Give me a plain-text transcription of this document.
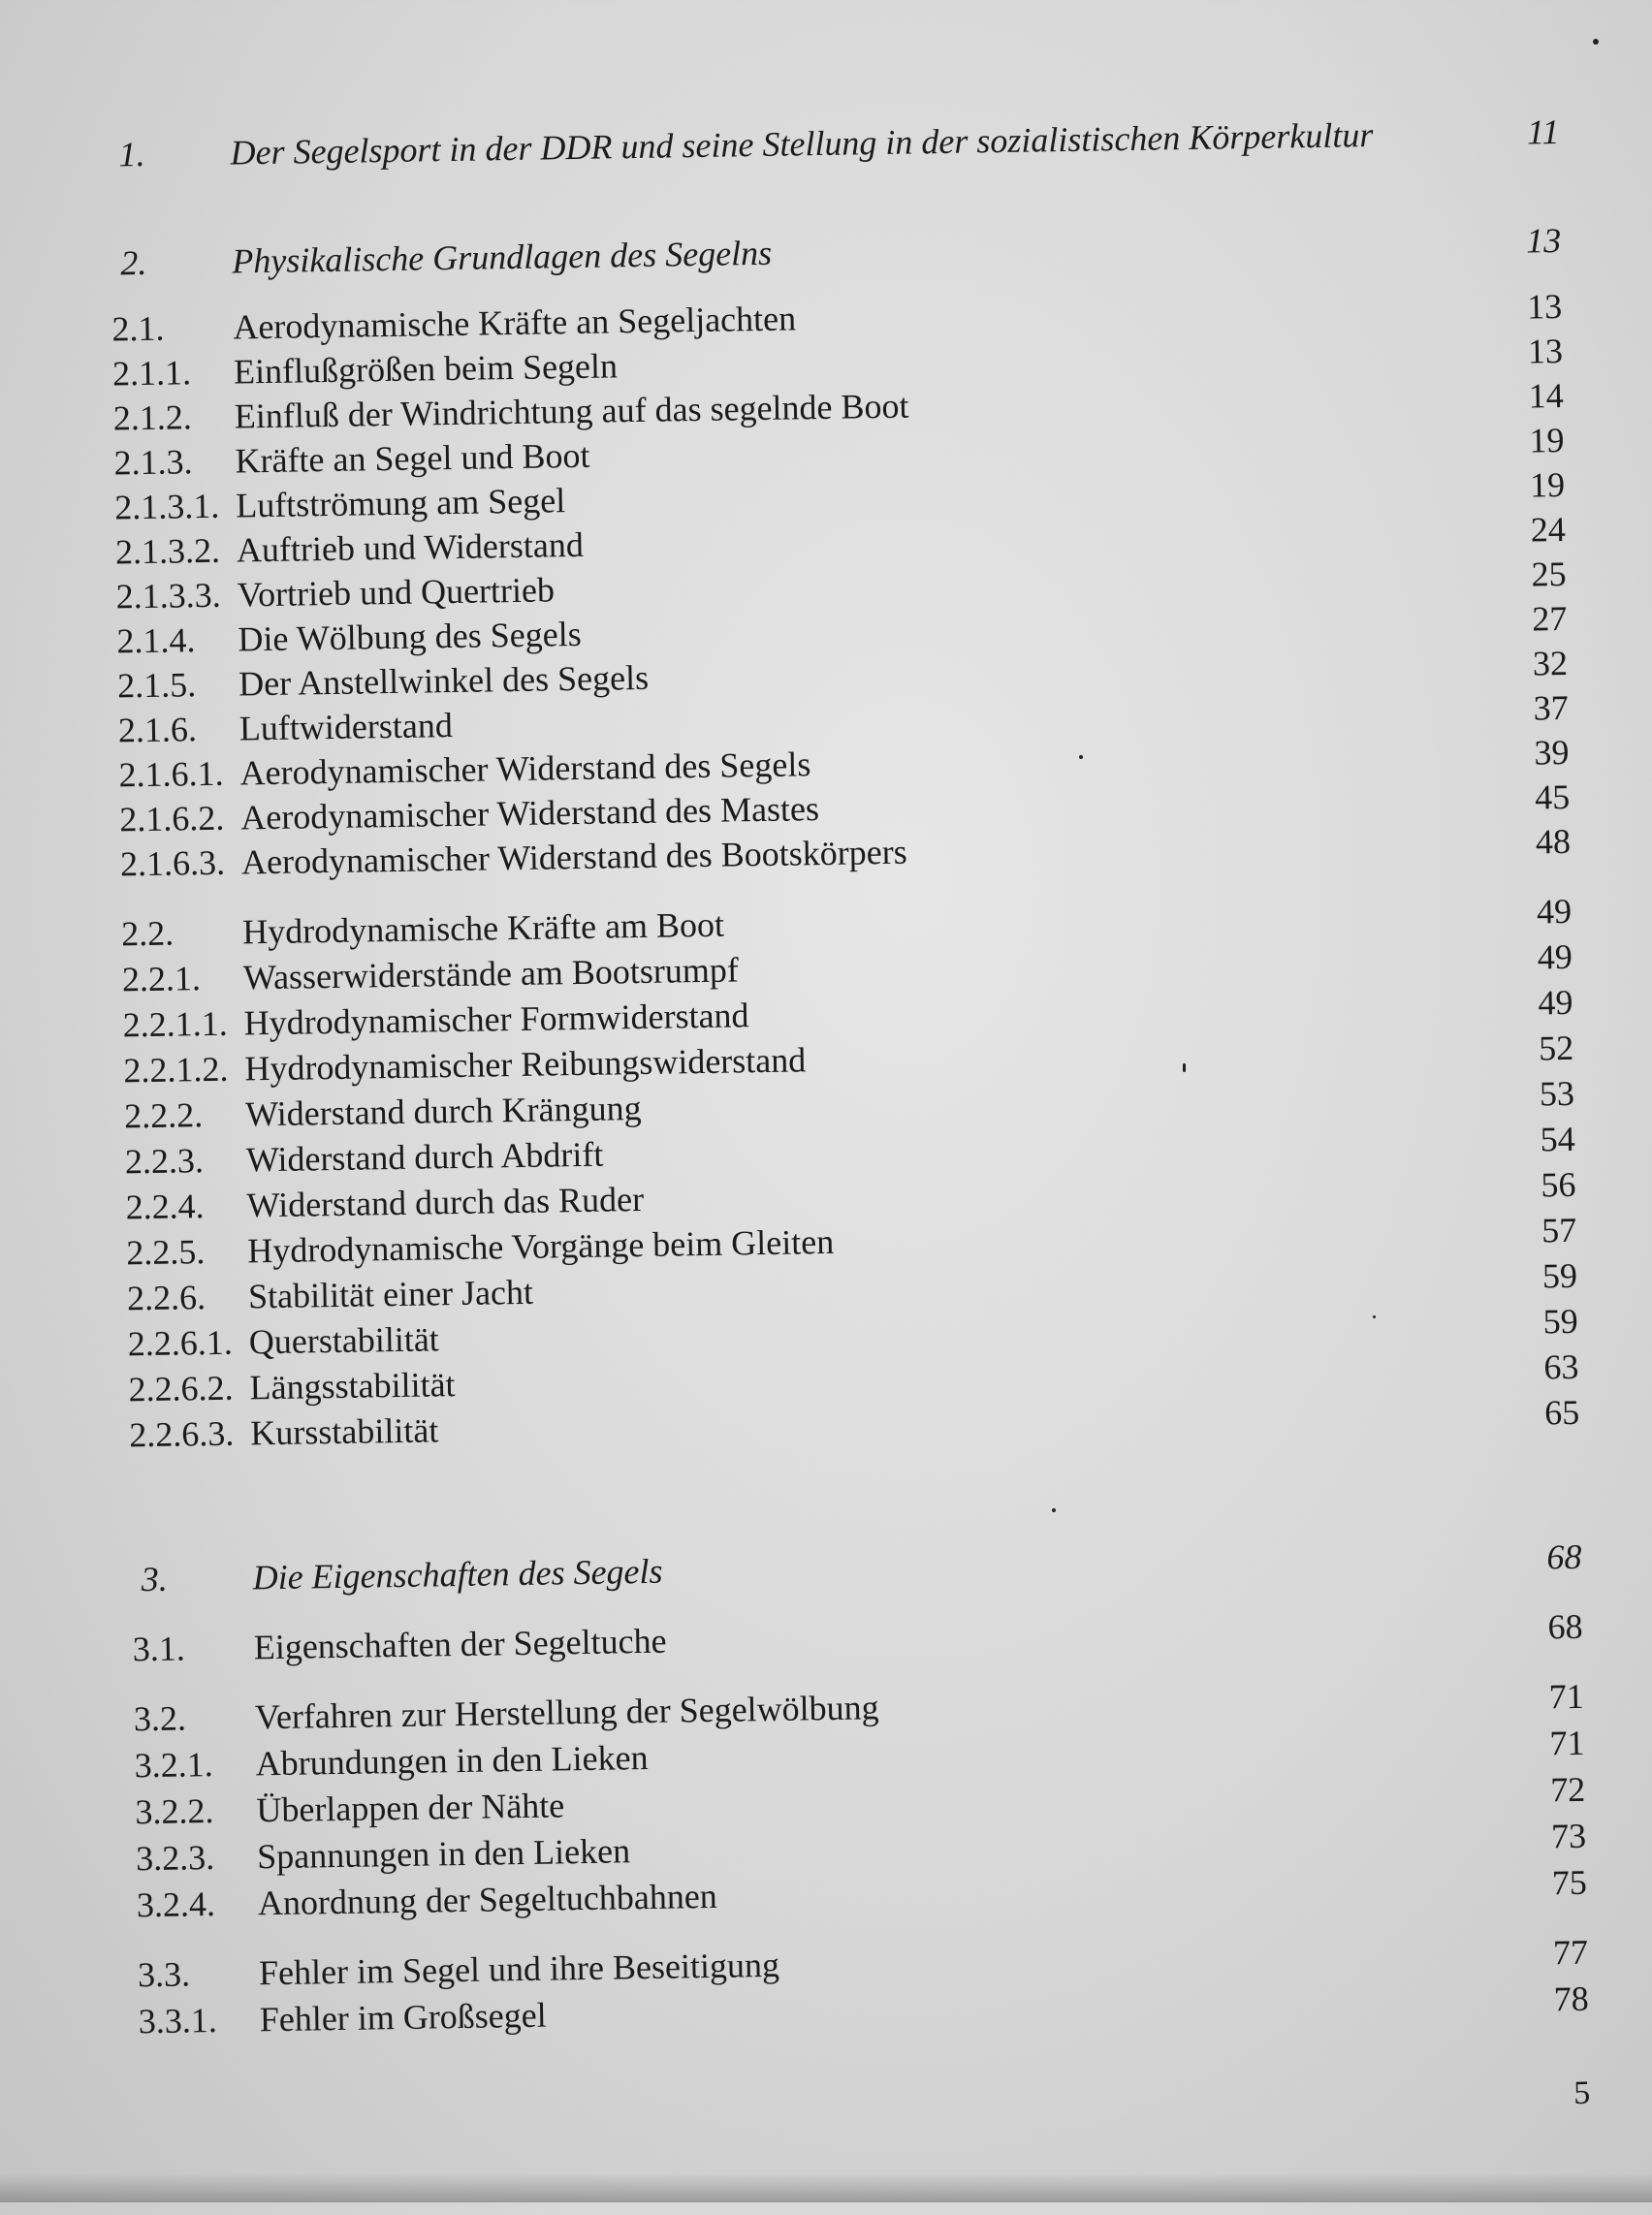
1. Der Segelsport in der DDR und seine Stellung in der sozialistischen Körperkultur	11
2. Physikalische Grundlagen des Segelns	13
2.1. Aerodynamische Kräfte an Segeljachten	13
2.1.1. Einflußgrößen beim Segeln	13
2.1.2. Einfluß der Windrichtung auf das segelnde Boot	14
2.1.3. Kräfte an Segel und Boot	19
2.1.3.1. Luftströmung am Segel	19
2.1.3.2. Auftrieb und Widerstand	24
2.1.3.3. Vortrieb und Quertrieb	25
2.1.4. Die Wölbung des Segels	27
2.1.5. Der Anstellwinkel des Segels	32
2.1.6. Luftwiderstand	37
2.1.6.1. Aerodynamischer Widerstand des Segels	39
2.1.6.2. Aerodynamischer Widerstand des Mastes	45
2.1.6.3. Aerodynamischer Widerstand des Bootskörpers	48
2.2. Hydrodynamische Kräfte am Boot	49
2.2.1. Wasserwiderstände am Bootsrumpf	49
2.2.1.1. Hydrodynamischer Formwiderstand	49
2.2.1.2. Hydrodynamischer Reibungswiderstand	52
2.2.2. Widerstand durch Krängung	53
2.2.3. Widerstand durch Abdrift	54
2.2.4. Widerstand durch das Ruder	56
2.2.5. Hydrodynamische Vorgänge beim Gleiten	57
2.2.6. Stabilität einer Jacht	59
2.2.6.1. Querstabilität	59
2.2.6.2. Längsstabilität	63
2.2.6.3. Kursstabilität	65
3. Die Eigenschaften des Segels	68
3.1. Eigenschaften der Segeltuche	68
3.2. Verfahren zur Herstellung der Segelwölbung	71
3.2.1. Abrundungen in den Lieken	71
3.2.2. Überlappen der Nähte	72
3.2.3. Spannungen in den Lieken	73
3.2.4. Anordnung der Segeltuchbahnen	75
3.3. Fehler im Segel und ihre Beseitigung	77
3.3.1. Fehler im Großsegel	78
5
